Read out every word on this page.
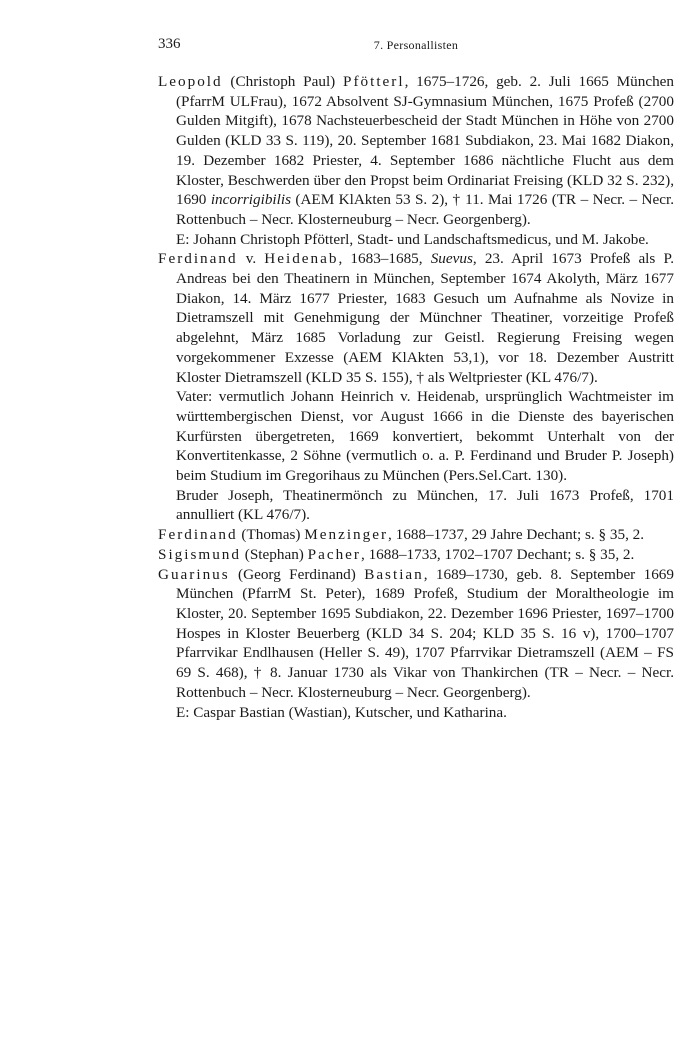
336	7. Personallisten

Leopold (Christoph Paul) Pfötterl, 1675–1726, geb. 2. Juli 1665 München (PfarrM ULFrau), 1672 Absolvent SJ-Gymnasium München, 1675 Profeß (2700 Gulden Mitgift), 1678 Nachsteuerbescheid der Stadt München in Höhe von 2700 Gulden (KLD 33 S. 119), 20. September 1681 Subdiakon, 23. Mai 1682 Diakon, 19. Dezember 1682 Priester, 4. September 1686 nächtliche Flucht aus dem Kloster, Beschwerden über den Propst beim Ordinariat Freising (KLD 32 S. 232), 1690 incorrigibilis (AEM KlAkten 53 S. 2), † 11. Mai 1726 (TR – Necr. – Necr. Rottenbuch – Necr. Klosterneuburg – Necr. Georgenberg).

E: Johann Christoph Pfötterl, Stadt- und Landschaftsmedicus, und M. Jakobe.

Ferdinand v. Heidenab, 1683–1685, Suevus, 23. April 1673 Profeß als P. Andreas bei den Theatinern in München, September 1674 Akolyth, März 1677 Diakon, 14. März 1677 Priester, 1683 Gesuch um Aufnahme als Novize in Dietramszell mit Genehmigung der Münchner Theatiner, vorzeitige Profeß abgelehnt, März 1685 Vorladung zur Geistl. Regierung Freising wegen vorgekommener Exzesse (AEM KlAkten 53,1), vor 18. Dezember Austritt Kloster Dietramszell (KLD 35 S. 155), † als Weltpriester (KL 476/7).

Vater: vermutlich Johann Heinrich v. Heidenab, ursprünglich Wachtmeister im württembergischen Dienst, vor August 1666 in die Dienste des bayerischen Kurfürsten übergetreten, 1669 konvertiert, bekommt Unterhalt von der Konvertitenkasse, 2 Söhne (vermutlich o. a. P. Ferdinand und Bruder P. Joseph) beim Studium im Gregorihaus zu München (Pers.Sel.Cart. 130).

Bruder Joseph, Theatinermönch zu München, 17. Juli 1673 Profeß, 1701 annulliert (KL 476/7).

Ferdinand (Thomas) Menzinger, 1688–1737, 29 Jahre Dechant; s. § 35, 2.

Sigismund (Stephan) Pacher, 1688–1733, 1702–1707 Dechant; s. § 35, 2.

Guarinus (Georg Ferdinand) Bastian, 1689–1730, geb. 8. September 1669 München (PfarrM St. Peter), 1689 Profeß, Studium der Moraltheologie im Kloster, 20. September 1695 Subdiakon, 22. Dezember 1696 Priester, 1697–1700 Hospes in Kloster Beuerberg (KLD 34 S. 204; KLD 35 S. 16 v), 1700–1707 Pfarrvikar Endlhausen (Heller S. 49), 1707 Pfarrvikar Dietramszell (AEM – FS 69 S. 468), † 8. Januar 1730 als Vikar von Thankirchen (TR – Necr. – Necr. Rottenbuch – Necr. Klosterneuburg – Necr. Georgenberg).

E: Caspar Bastian (Wastian), Kutscher, und Katharina.
